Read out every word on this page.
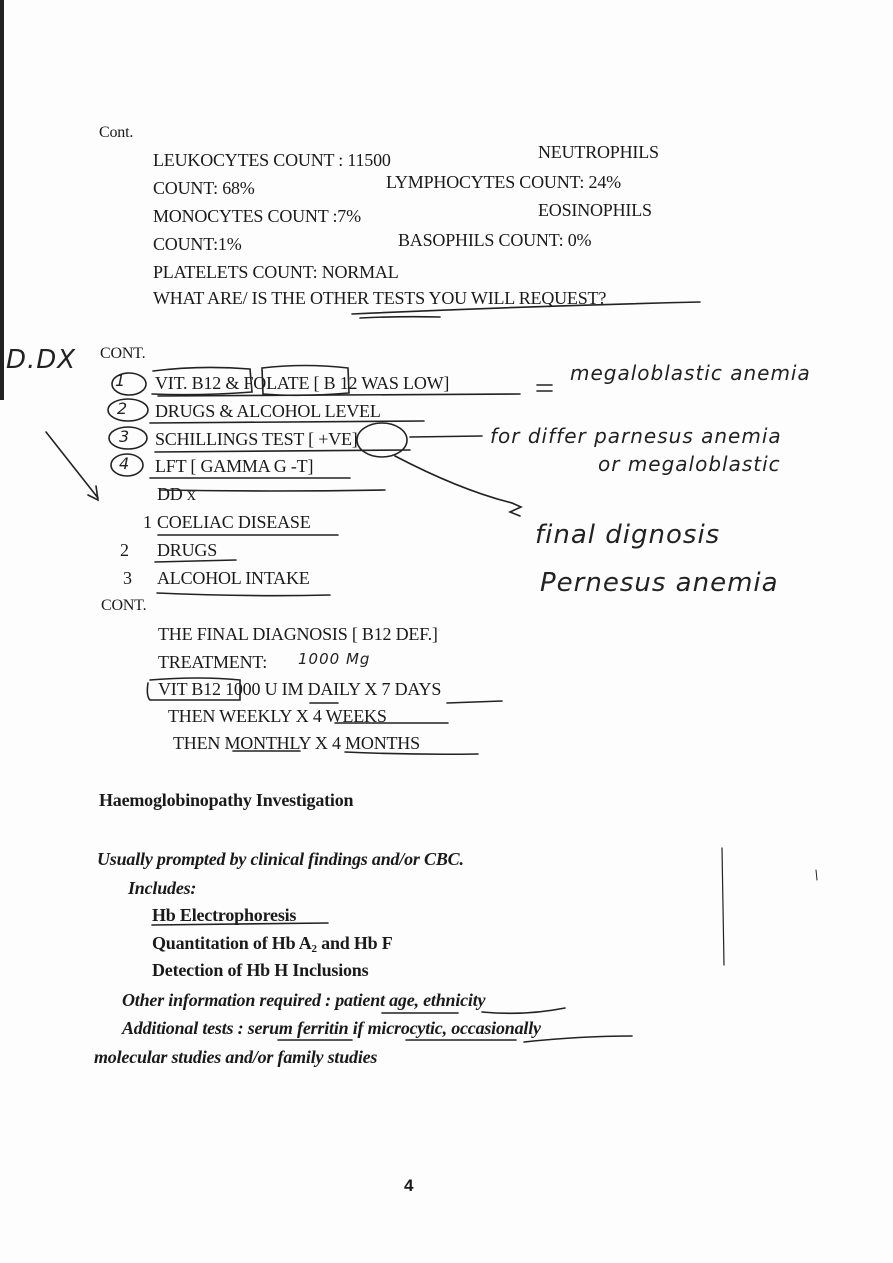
Cont.
LEUKOCYTES COUNT : 11500	NEUTROPHILS
COUNT: 68%	LYMPHOCYTES COUNT: 24%
MONOCYTES COUNT :7%	EOSINOPHILS
COUNT:1%	BASOPHILS COUNT: 0%
PLATELETS COUNT: NORMAL
WHAT ARE/ IS THE OTHER TESTS YOU WILL REQUEST?
CONT.
VIT. B12 & FOLATE [ B 12 WAS LOW]
DRUGS & ALCOHOL LEVEL
SCHILLINGS TEST [ +VE]
LFT [ GAMMA G -T]
DD x
1 COELIAC DISEASE
2 DRUGS
3 ALCOHOL INTAKE
CONT.
THE FINAL DIAGNOSIS [ B12 DEF.]
TREATMENT:
VIT B12 1000 U IM DAILY X 7 DAYS
THEN WEEKLY X 4 WEEKS
THEN MONTHLY X 4 MONTHS
Haemoglobinopathy Investigation
Usually prompted by clinical findings and/or CBC.
Includes:
Hb Electrophoresis
Quantitation of Hb $A_2$ and Hb F
Detection of Hb H Inclusions
Other information required : patient age, ethnicity
Additional tests : serum ferritin if microcytic, occasionally
molecular studies and/or family studies
D.DX
1
2
3
4
megaloblastic anemia
for differ parnesus anemia
or megaloblastic
final dignosis
Pernesus anemia
1000 Mg
4
